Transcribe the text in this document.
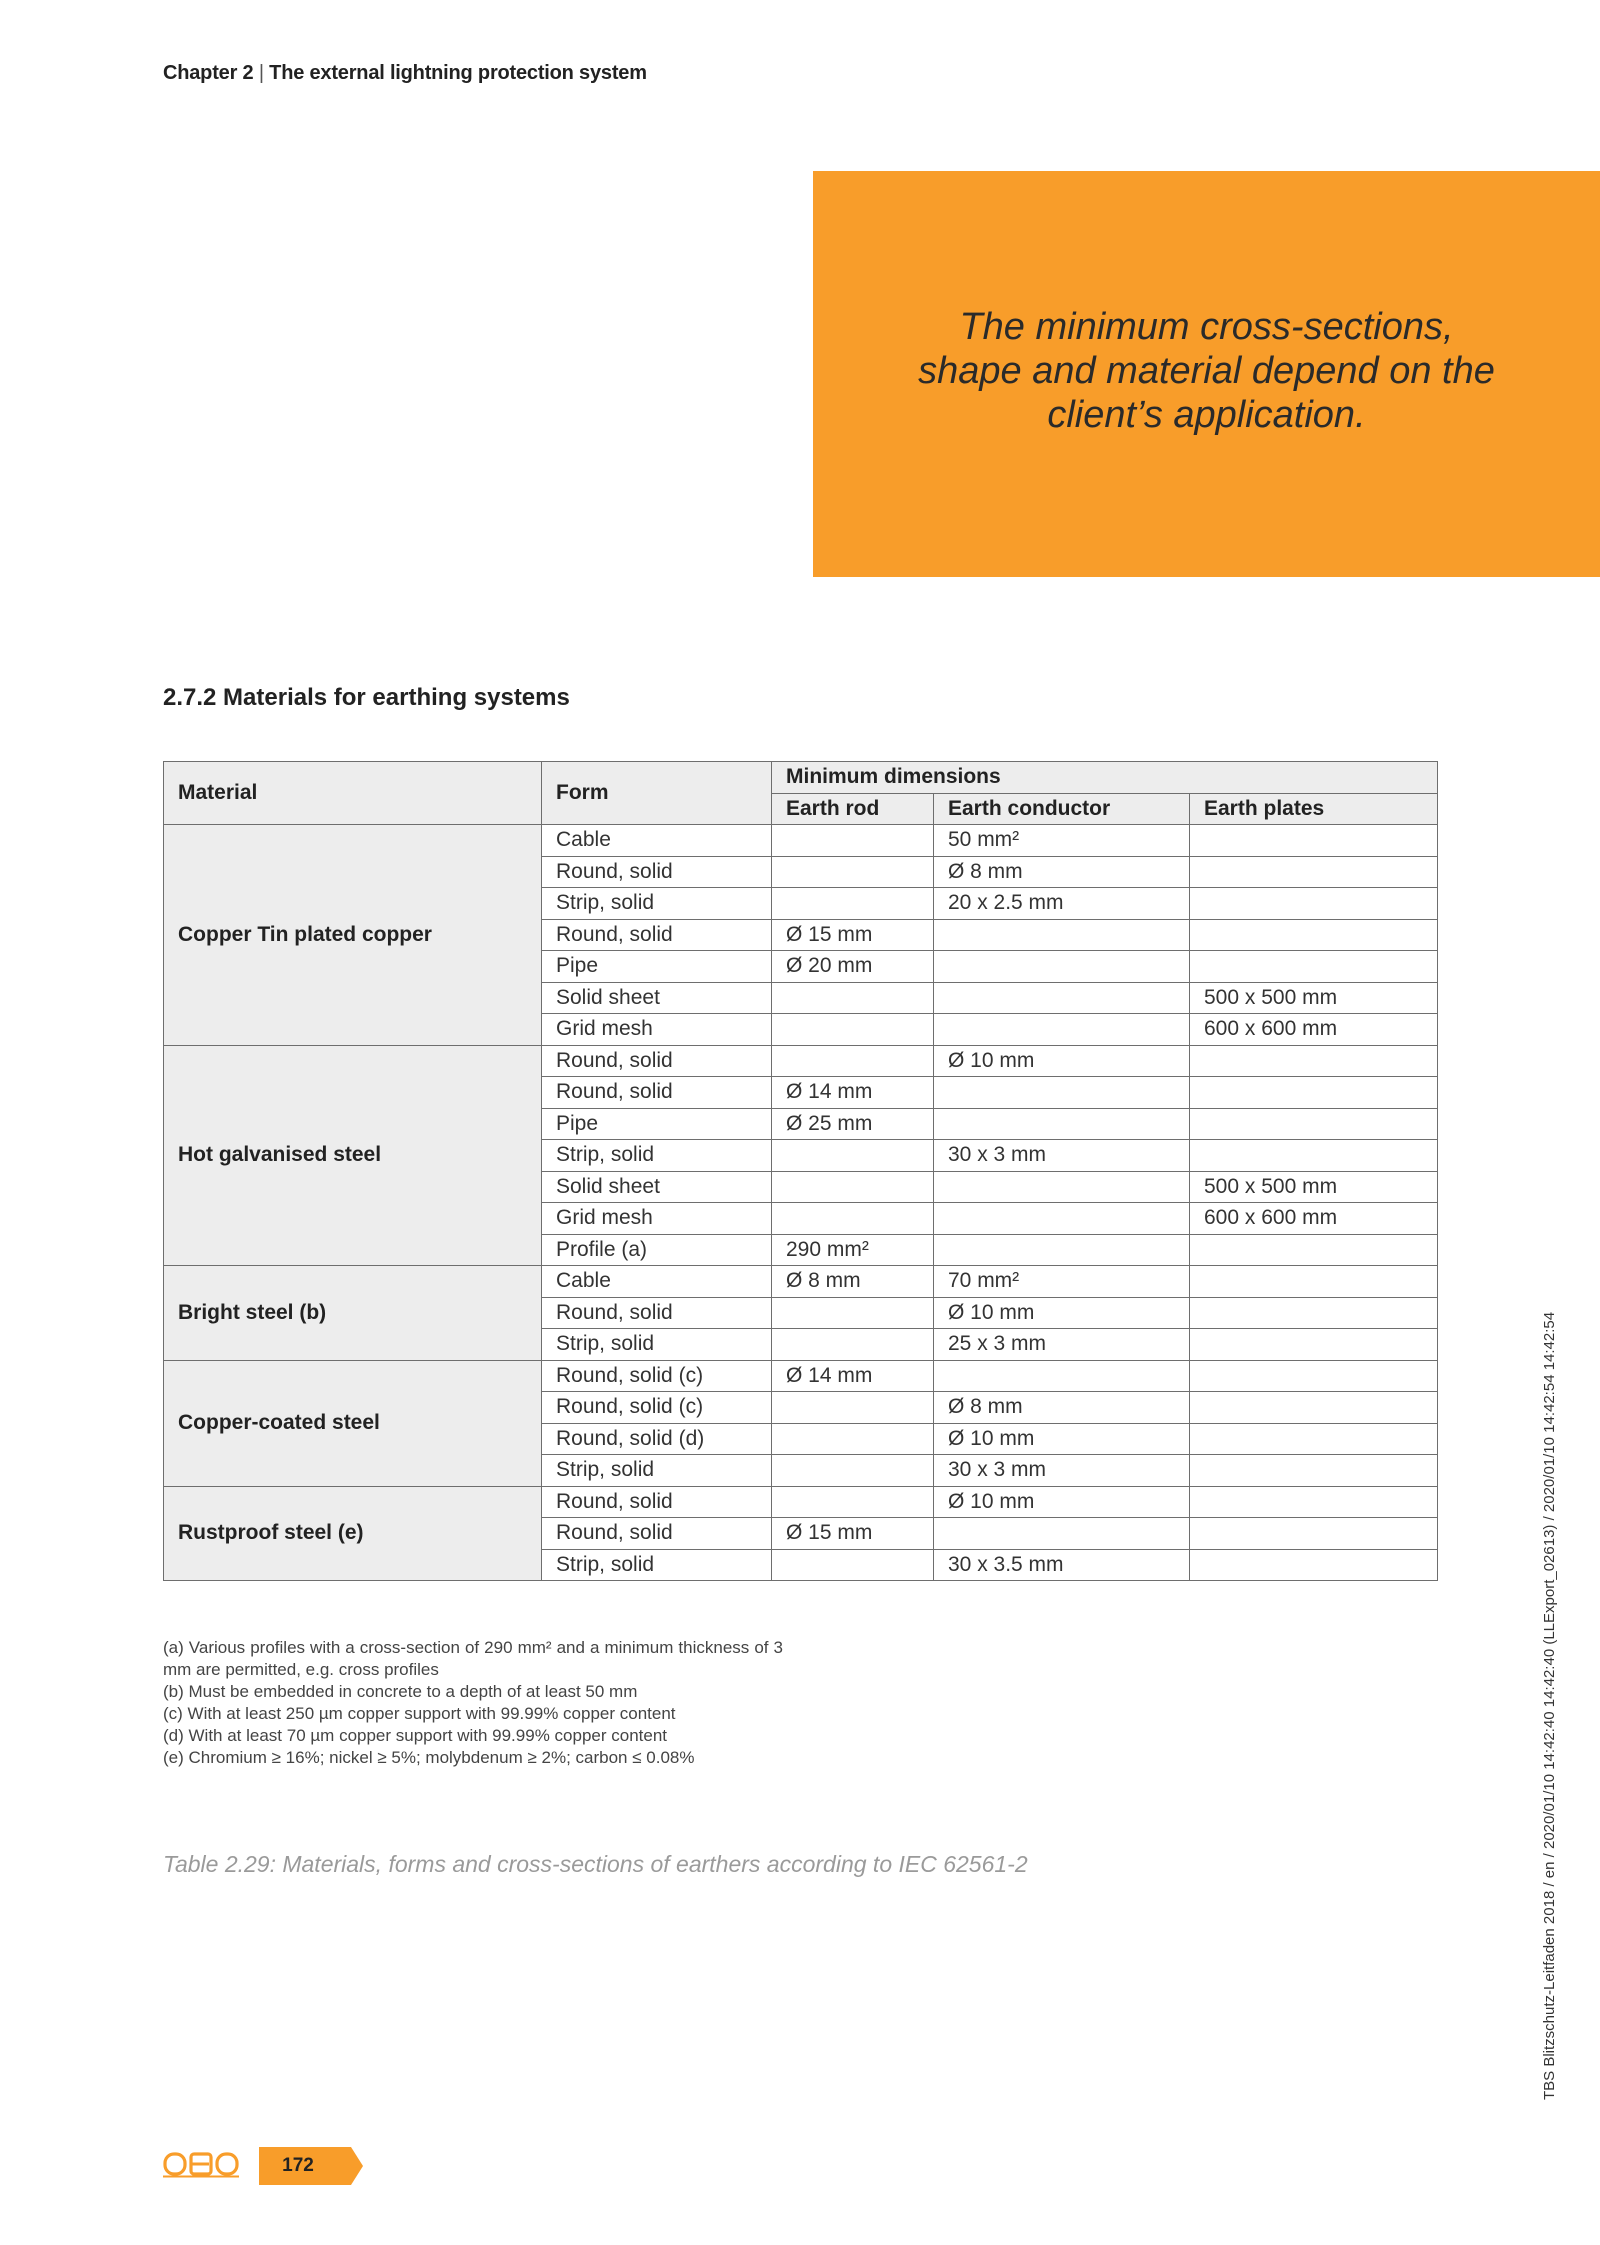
Chapter 2 | The external lightning protection system
The minimum cross-sections,
shape and material depend on the
client’s application.
2.7.2 Materials for earthing systems
Material	Form	Minimum dimensions		
		Earth rod	Earth conductor	Earth plates
Copper Tin plated copper	Cable		50 mm²	
	Round, solid		Ø 8 mm	
	Strip, solid		20 x 2.5 mm	
	Round, solid	Ø 15 mm		
	Pipe	Ø 20 mm		
	Solid sheet			500 x 500 mm
	Grid mesh			600 x 600 mm
Hot galvanised steel	Round, solid		Ø 10 mm	
	Round, solid	Ø 14 mm		
	Pipe	Ø 25 mm		
	Strip, solid		30 x 3 mm	
	Solid sheet			500 x 500 mm
	Grid mesh			600 x 600 mm
	Profile (a)	290 mm²		
Bright steel (b)	Cable	Ø 8 mm	70 mm²	
	Round, solid		Ø 10 mm	
	Strip, solid		25 x 3 mm	
Copper-coated steel	Round, solid (c)	Ø 14 mm		
	Round, solid (c)		Ø 8 mm	
	Round, solid (d)		Ø 10 mm	
	Strip, solid		30 x 3 mm	
Rustproof steel (e)	Round, solid		Ø 10 mm	
	Round, solid	Ø 15 mm		
	Strip, solid		30 x 3.5 mm	

(a) Various profiles with a cross-section of 290 mm² and a minimum thickness of 3 mm are permitted, e.g. cross profiles

(b) Must be embedded in concrete to a depth of at least 50 mm

(c) With at least 250 µm copper support with 99.99% copper content

(d) With at least 70 µm copper support with 99.99% copper content

(e) Chromium ≥ 16%; nickel ≥ 5%; molybdenum ≥ 2%; carbon ≤ 0.08%

Table 2.29: Materials, forms and cross-sections of earthers according to IEC 62561-2	TBS Blitzschutz-Leitfaden 2018 / en / 2020/01/10 14:42:40 14:42:40 (LLExport_02613) / 2020/01/10 14:42:54 14:42:54
172
